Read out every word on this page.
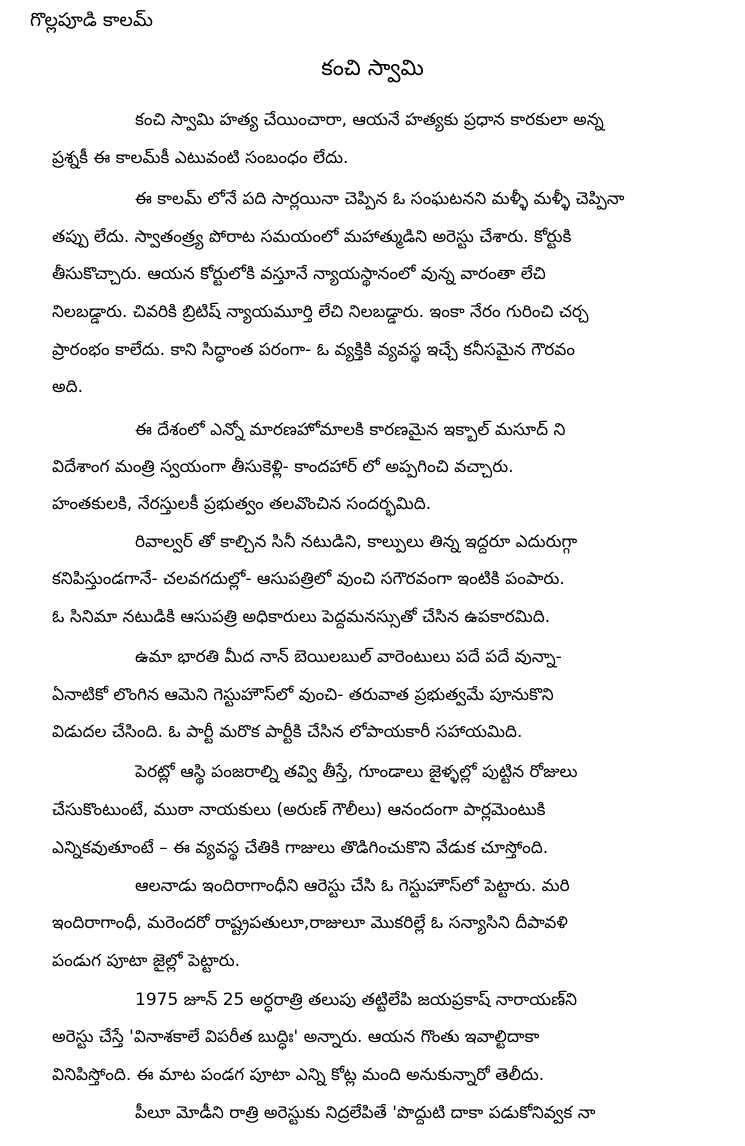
గొల్లపూడి కాలమ్
కంచి స్వామి
కంచి స్వామి హత్య చేయించారా, ఆయనే హత్యకు ప్రధాన కారకులా అన్న
ప్రశ్నకీ ఈ కాలమ్‌కీ ఎటువంటి సంబంధం లేదు.
ఈ కాలమ్ లోనే పది సార్లయినా చెప్పిన ఓ సంఘటనని మళ్ళీ మళ్ళీ చెప్పినా
తప్పు లేదు. స్వాతంత్ర్య పోరాట సమయంలో మహాత్ముడిని అరెస్టు చేశారు. కోర్టుకి
తీసుకొచ్చారు. ఆయన కోర్టులోకి వస్తూనే న్యాయస్థానంలో వున్న వారంతా లేచి
నిలబడ్డారు. చివరికి బ్రిటిష్ న్యాయమూర్తి లేచి నిలబడ్డారు. ఇంకా నేరం గురించి చర్చ
ప్రారంభం కాలేదు. కాని సిద్ధాంత పరంగా- ఓ వ్యక్తికి వ్యవస్థ ఇచ్చే కనీసమైన గౌరవం
అది.
ఈ దేశంలో ఎన్నో మారణహోమాలకి కారణమైన ఇక్బాల్ మసూద్ ని
విదేశాంగ మంత్రి స్వయంగా తీసుకెళ్లి- కాందహార్ లో అప్పగించి వచ్చారు.
హంతకులకి, నేరస్తులకీ ప్రభుత్వం తలవొంచిన సందర్భమిది.
రివాల్వర్ తో కాల్చిన సినీ నటుడిని, కాల్పులు తిన్న ఇద్దరూ ఎదురుగ్గా
కనిపిస్తుండగానే- చలవగదుల్లో- ఆసుపత్రిలో వుంచి సగౌరవంగా ఇంటికి పంపారు.
ఓ సినిమా నటుడికి ఆసుపత్రి అధికారులు పెద్దమనస్సుతో చేసిన ఉపకారమిది.
ఉమా భారతి మీద నాన్ బెయిలబుల్ వారెంటులు పదే పదే వున్నా-
ఏనాటికో లొంగిన ఆమెని గెస్టుహౌస్‌లో వుంచి- తరువాత ప్రభుత్వమే పూనుకొని
విడుదల చేసింది. ఓ పార్టీ మరొక పార్టీకి చేసిన లోపాయకారీ సహాయమిది.
పెరట్లో ఆస్థి పంజరాల్ని తవ్వి తీస్తే, గూండాలు జైళ్ళల్లో పుట్టిన రోజులు
చేసుకొంటుంటే, ముఠా నాయకులు (అరుణ్ గౌలీలు) ఆనందంగా పార్లమెంటుకి
ఎన్నికవుతూంటే – ఈ వ్యవస్థ చేతికి గాజులు తొడిగించుకొని వేడుక చూస్తోంది.
ఆలనాడు ఇందిరాగాంధీని ఆరెస్టు చేసి ఓ గెస్టుహౌస్‌లో పెట్టారు. మరి
ఇందిరాగాంధీ, మరెందరో రాష్ట్రపతులూ,రాజులూ మొకరిల్లే ఓ సన్యాసిని దీపావళి
పండుగ పూటా జైల్లో పెట్టారు.
1975 జూన్ 25 అర్ధరాత్రి తలుపు తట్టిలేపి జయప్రకాష్ నారాయణ్‌ని
అరెస్టు చేస్తే 'వినాశకాలే విపరీత బుద్ధిః' అన్నారు. ఆయన గొంతు ఇవాల్టిదాకా
వినిపిస్తోంది. ఈ మాట పండగ పూటా ఎన్ని కోట్ల మంది అనుకున్నారో తెలీదు.
పీలూ మోడీని రాత్రి అరెస్టుకు నిద్రలేపితే 'పొద్దుటి దాకా పడుకోనివ్వక నా
